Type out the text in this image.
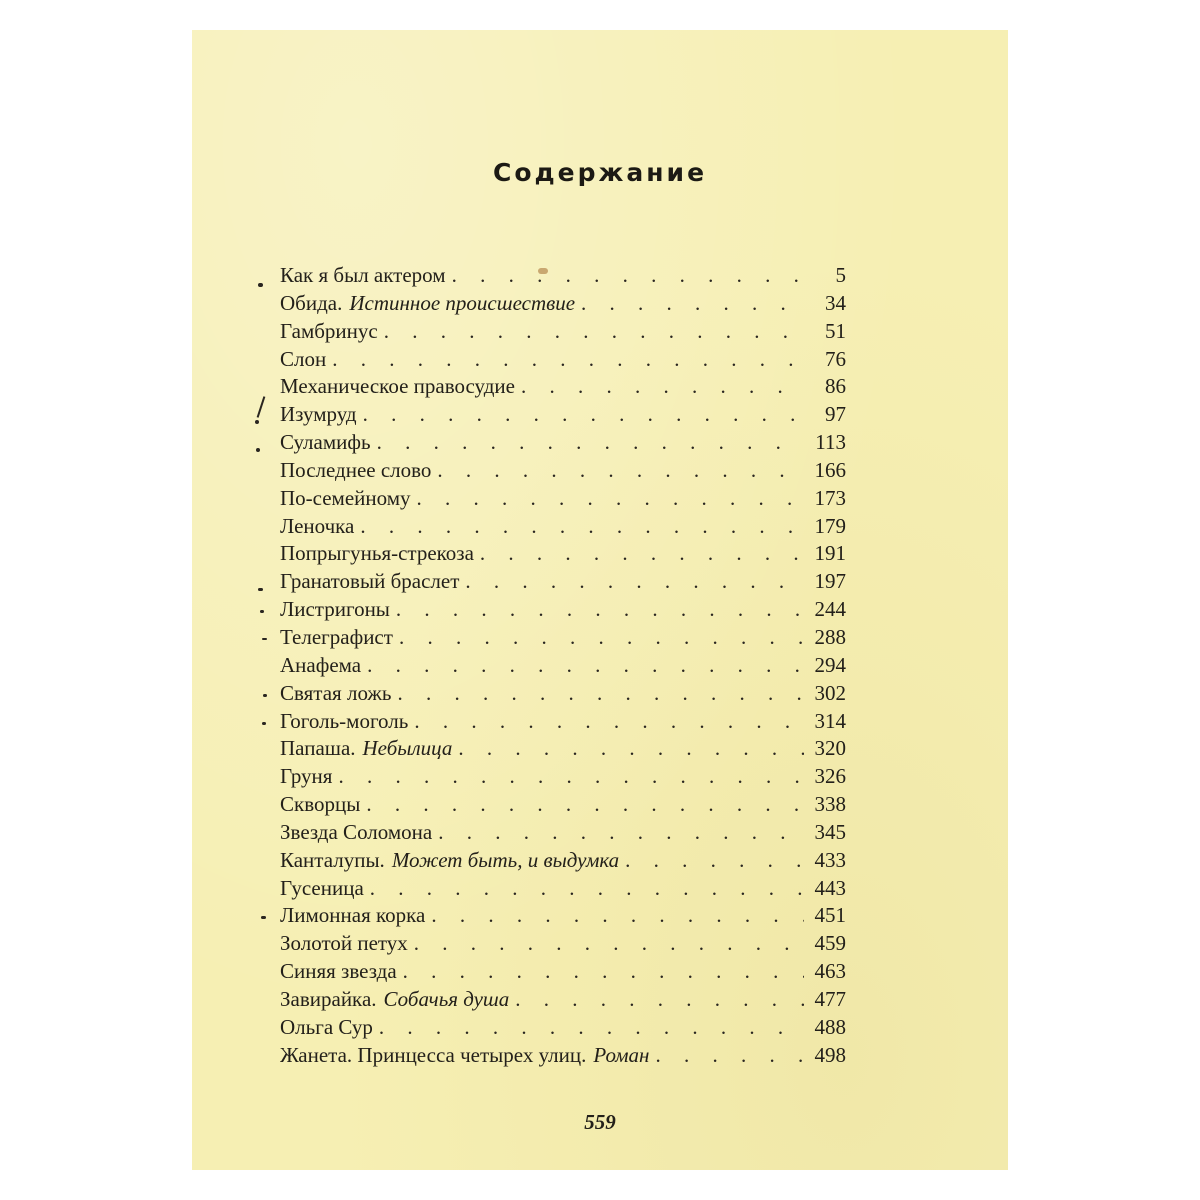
Содержание
Как я был актером . . .	5
Обида. Истинное происшествие . . .	34
Гамбринус . . .	51
Слон . . .	76
Механическое правосудие . . .	86
Изумруд . . .	97
Суламифь . . .	113
Последнее слово . . .	166
По-семейному . . .	173
Леночка . . .	179
Попрыгунья-стрекоза . . .	191
Гранатовый браслет . . .	197
Листригоны . . .	244
Телеграфист . . .	288
Анафема . . .	294
Святая ложь . . .	302
Гоголь-моголь . . .	314
Папаша. Небылица . . .	320
Груня . . .	326
Скворцы . . .	338
Звезда Соломона . . .	345
Канталупы. Может быть, и выдумка . . .	433
Гусеница . . .	443
Лимонная корка . . .	451
Золотой петух . . .	459
Синяя звезда . . .	463
Завирайка. Собачья душа . . .	477
Ольга Сур . . .	488
Жанета. Принцесса четырех улиц. Роман . . .	498
559
